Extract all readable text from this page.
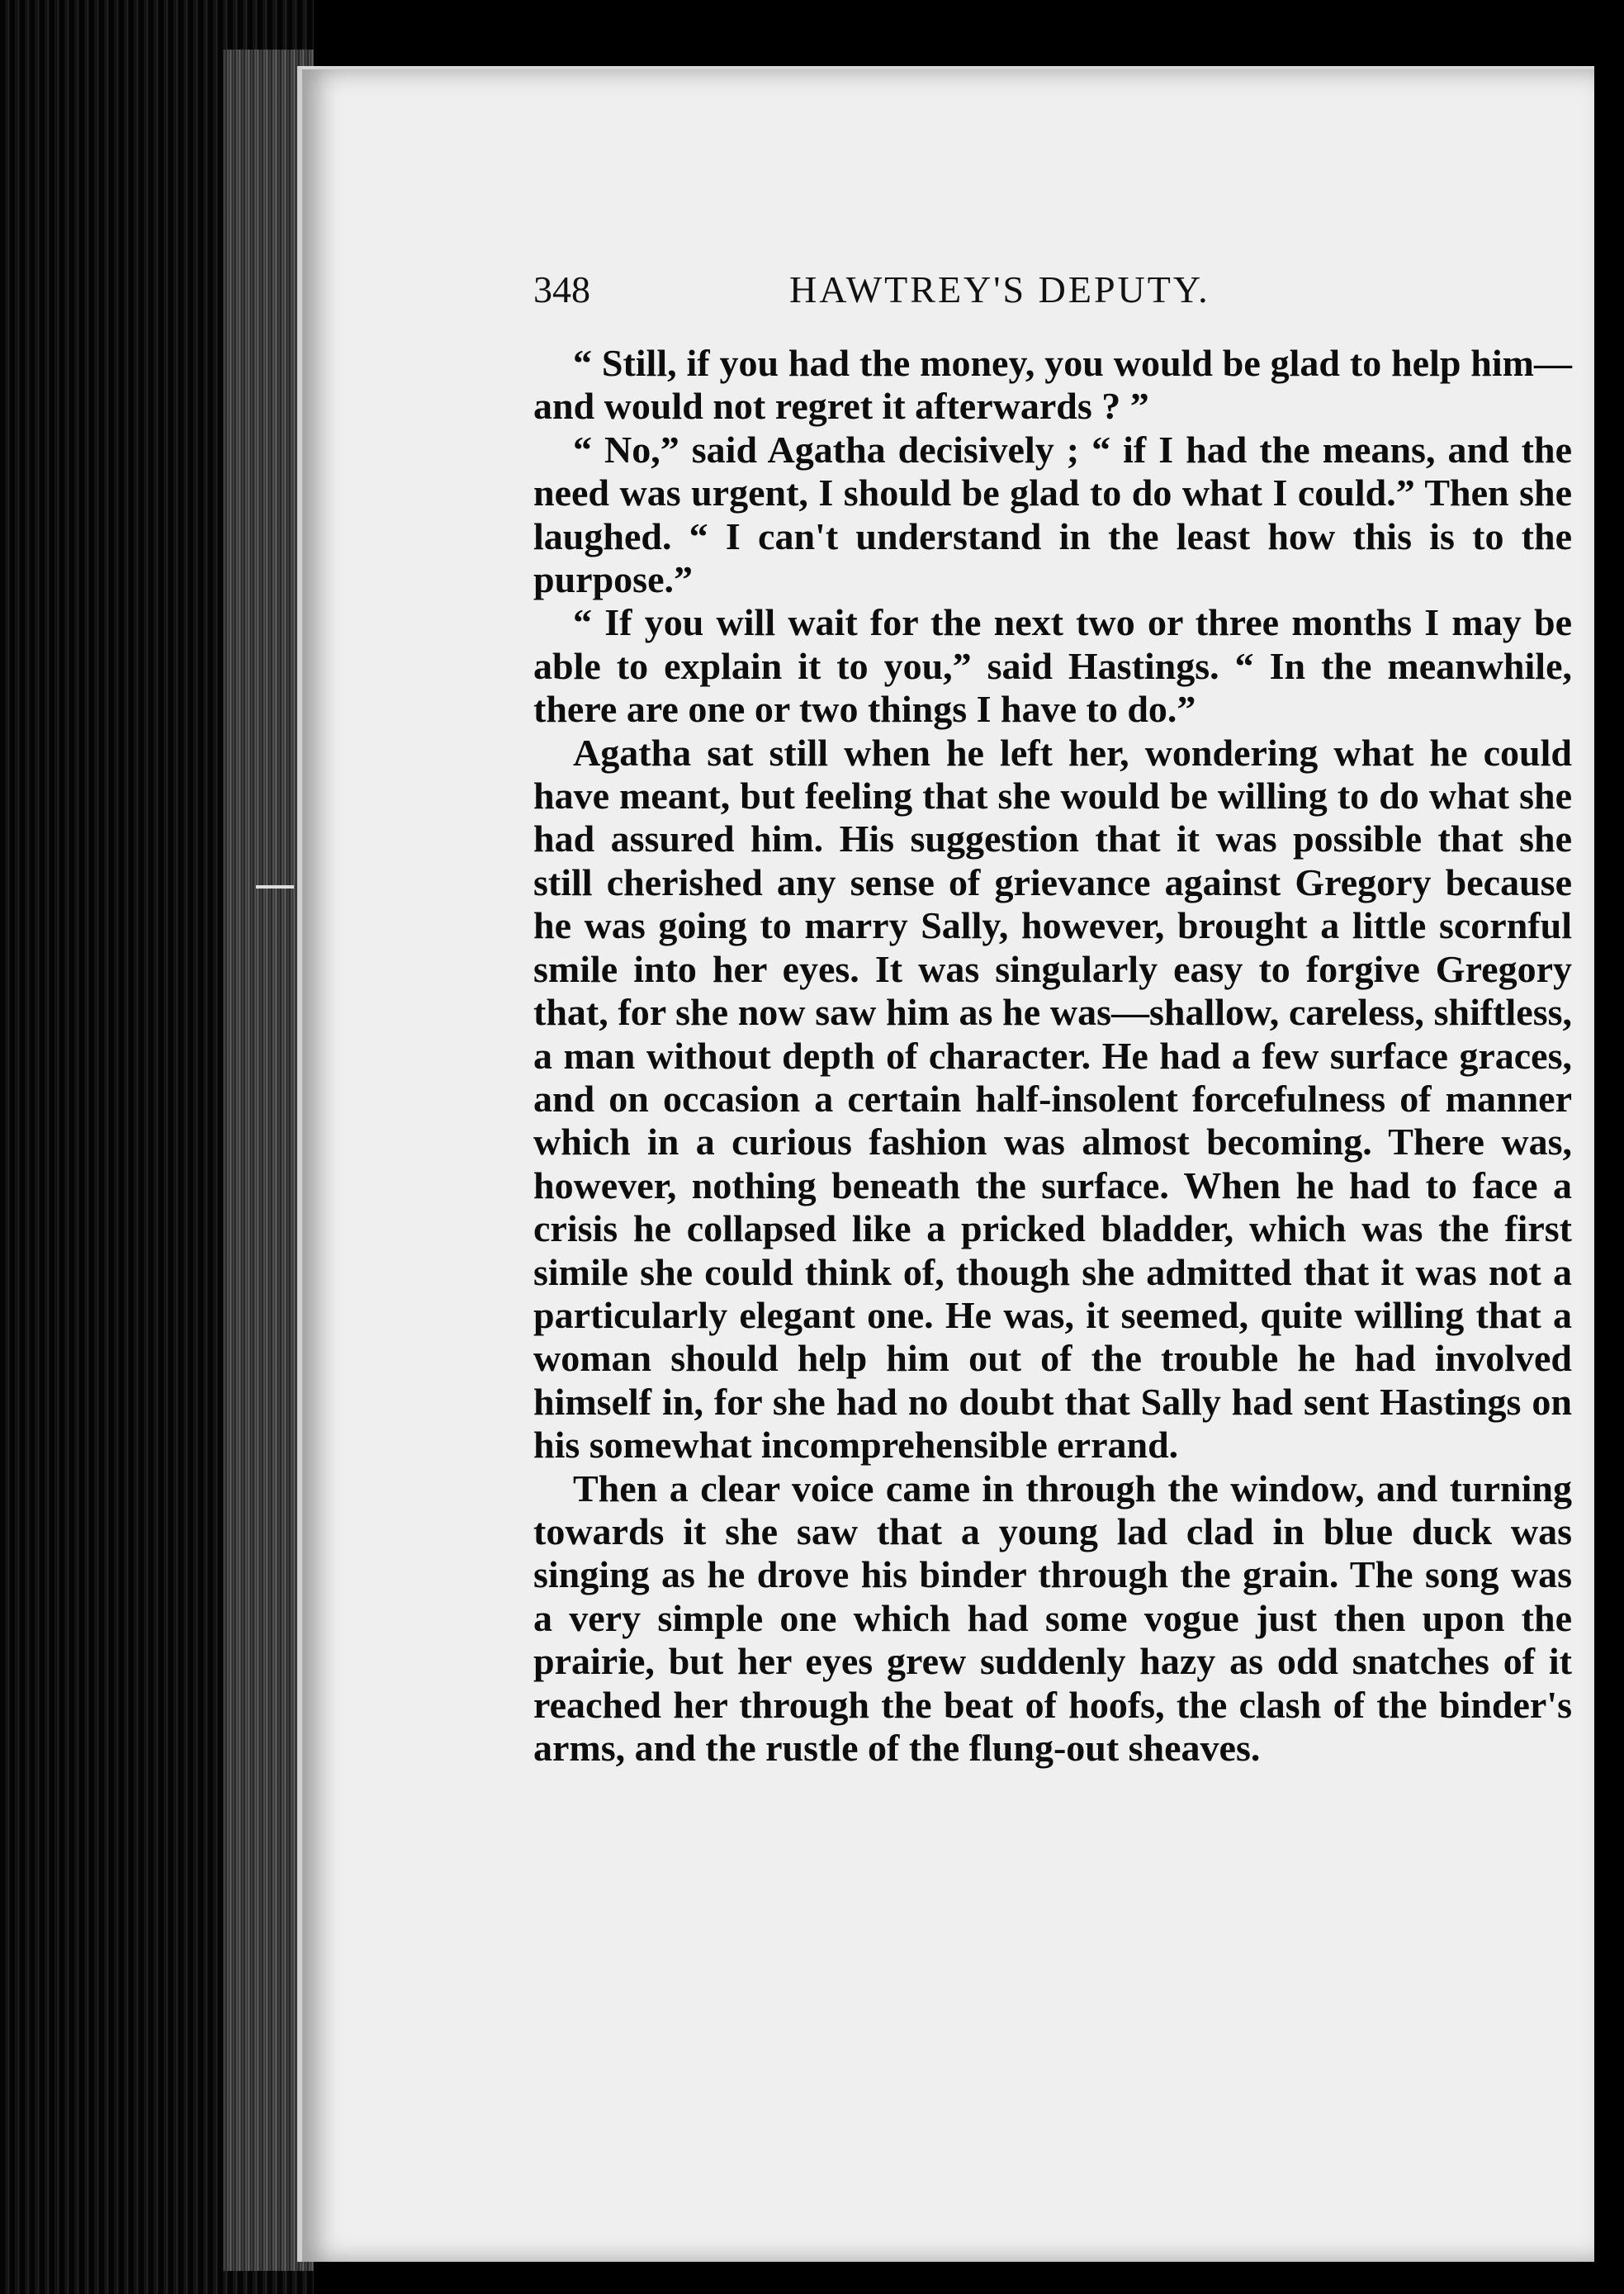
348	HAWTREY'S DEPUTY.

“ Still, if you had the money, you would be glad to help him—and would not regret it afterwards ? ”

“ No,” said Agatha decisively ; “ if I had the means, and the need was urgent, I should be glad to do what I could.” Then she laughed. “ I can't understand in the least how this is to the purpose.”

“ If you will wait for the next two or three months I may be able to explain it to you,” said Hastings. “ In the meanwhile, there are one or two things I have to do.”

Agatha sat still when he left her, wondering what he could have meant, but feeling that she would be willing to do what she had assured him. His suggestion that it was possible that she still cherished any sense of grievance against Gregory because he was going to marry Sally, however, brought a little scornful smile into her eyes. It was singularly easy to forgive Gregory that, for she now saw him as he was—shallow, careless, shiftless, a man without depth of character. He had a few surface graces, and on occasion a certain half-insolent forcefulness of manner which in a curious fashion was almost becoming. There was, however, nothing beneath the surface. When he had to face a crisis he collapsed like a pricked bladder, which was the first simile she could think of, though she admitted that it was not a particularly elegant one. He was, it seemed, quite willing that a woman should help him out of the trouble he had involved himself in, for she had no doubt that Sally had sent Hastings on his somewhat incomprehensible errand.

Then a clear voice came in through the window, and turning towards it she saw that a young lad clad in blue duck was singing as he drove his binder through the grain. The song was a very simple one which had some vogue just then upon the prairie, but her eyes grew suddenly hazy as odd snatches of it reached her through the beat of hoofs, the clash of the binder's arms, and the rustle of the flung-out sheaves.
